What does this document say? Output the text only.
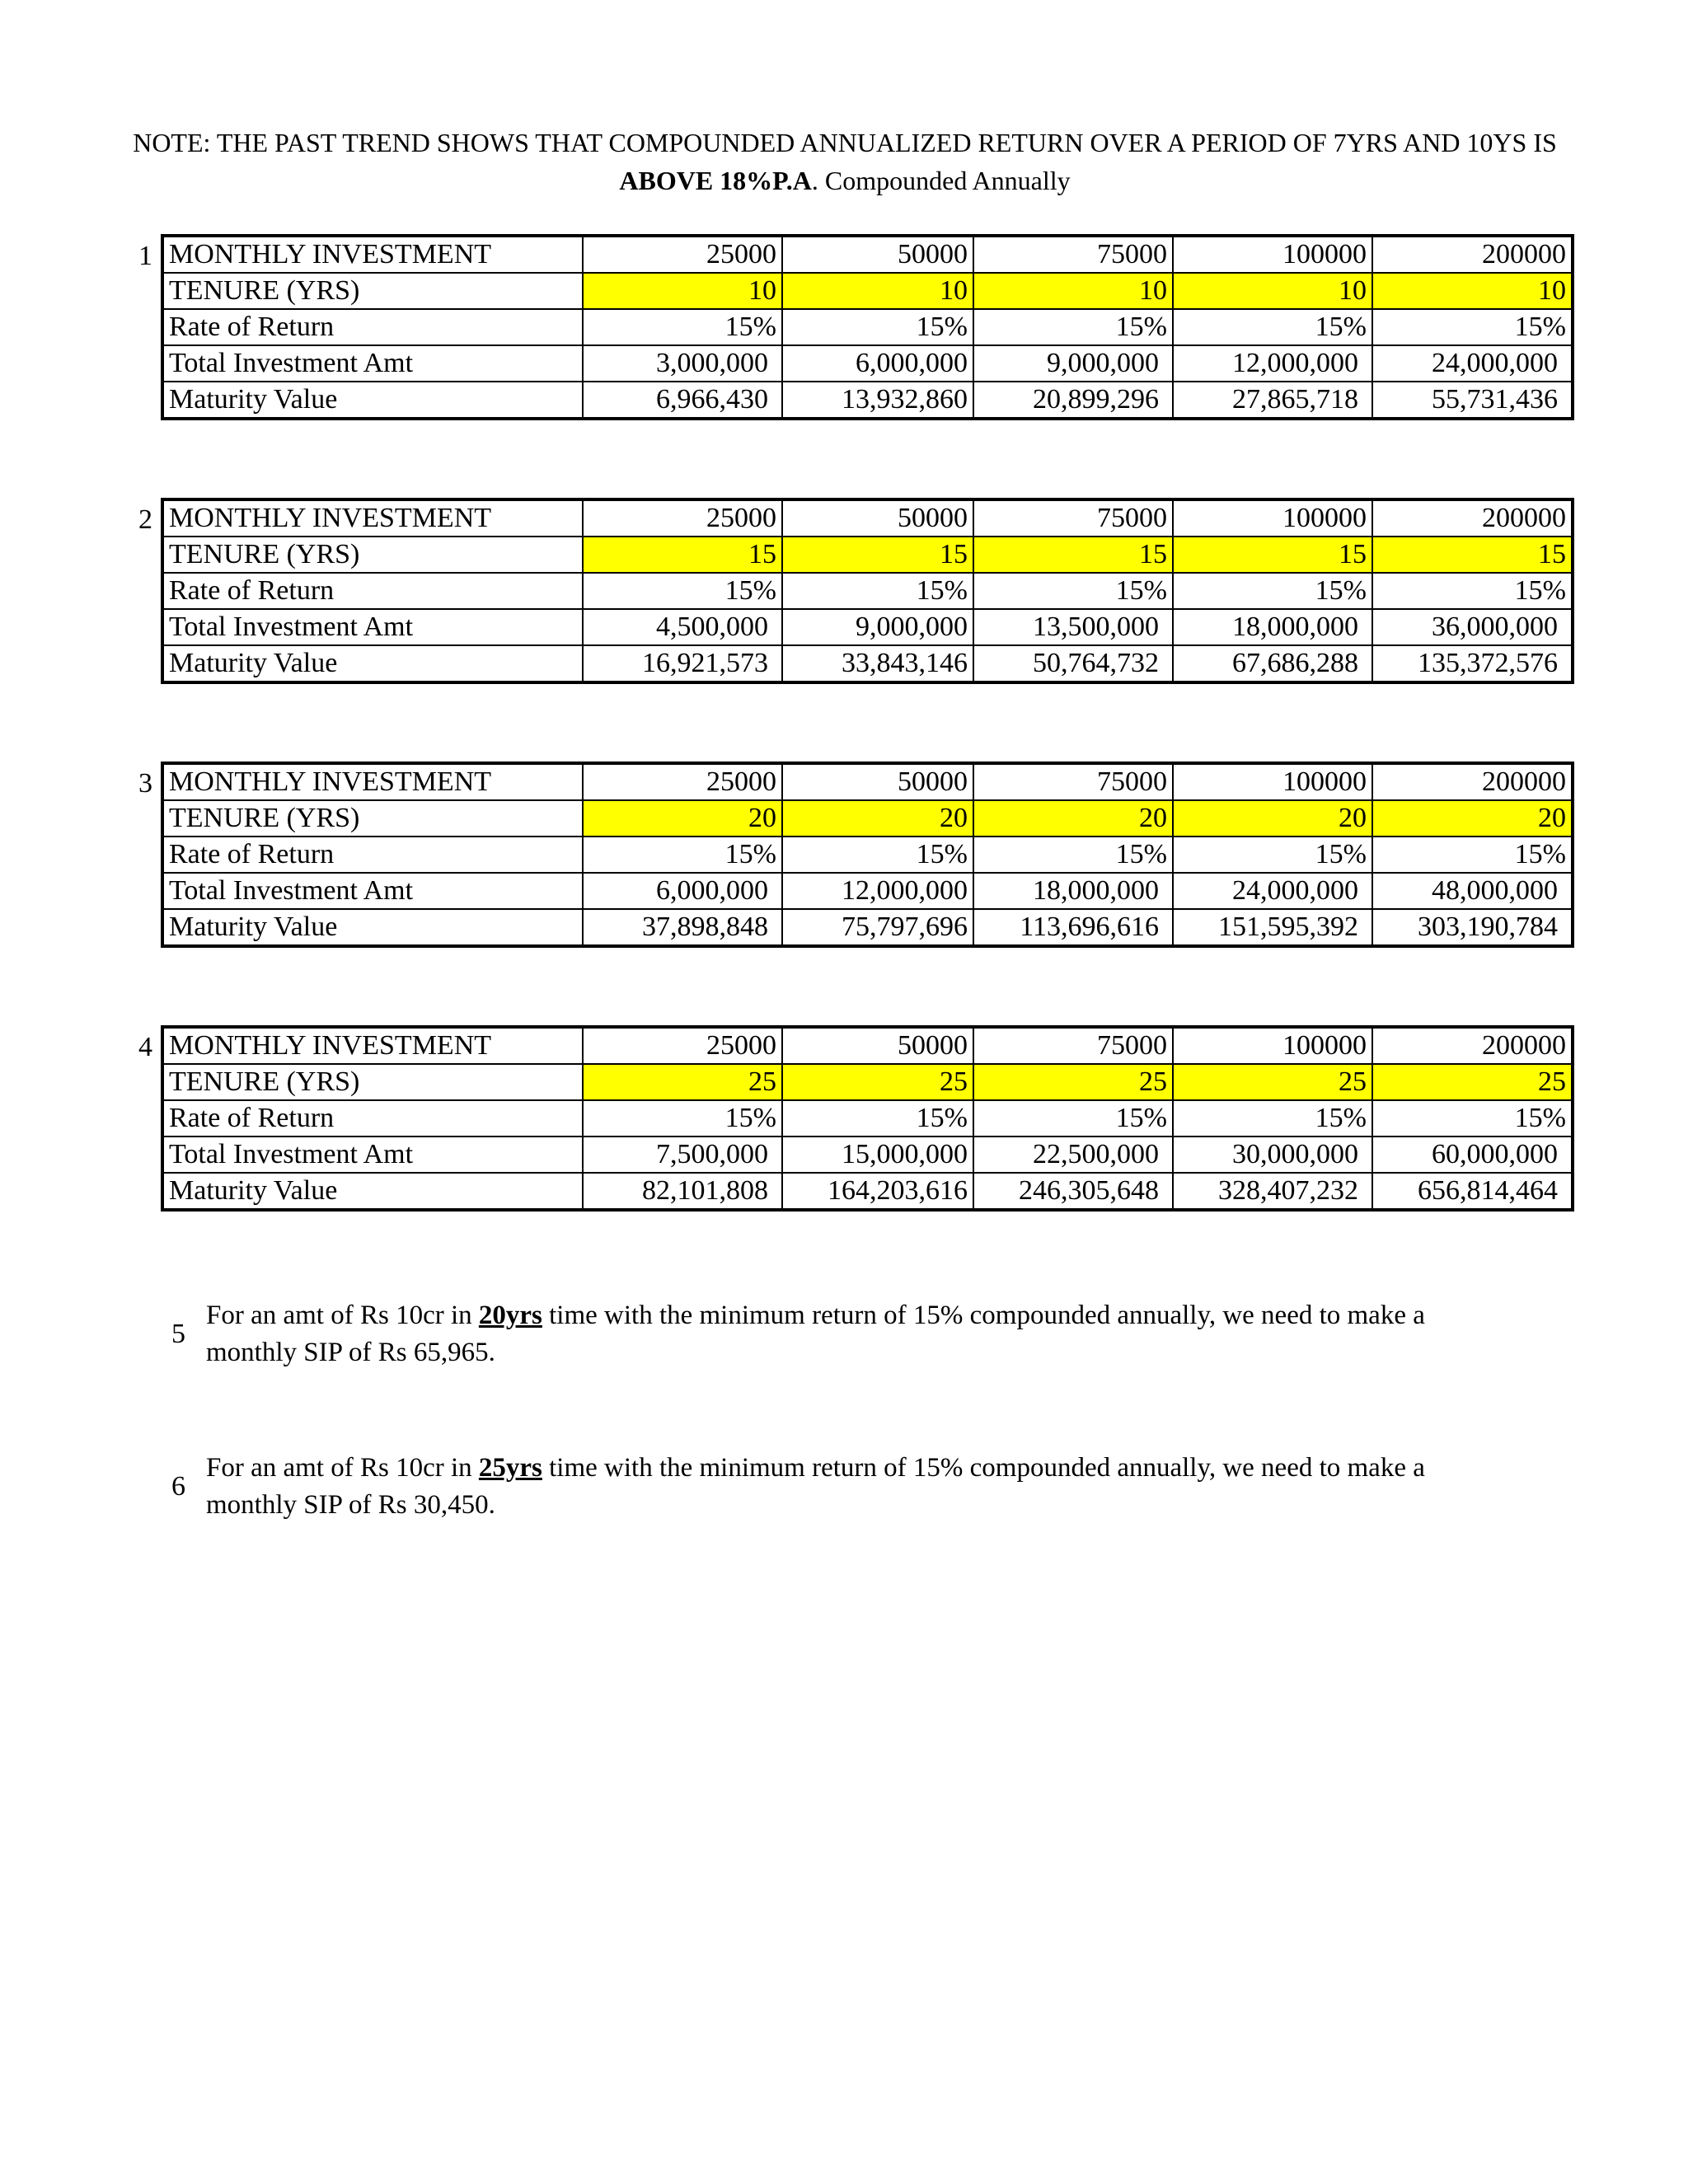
NOTE: THE PAST TREND SHOWS THAT COMPOUNDED ANNUALIZED RETURN OVER A PERIOD OF 7YRS AND 10YS IS ABOVE 18%P.A. Compounded Annually
1 MONTHLY INVESTMENT	25000	50000	75000	100000	200000
TENURE (YRS)	10	10	10	10	10
Rate of Return	15%	15%	15%	15%	15%
Total Investment Amt	3,000,000	6,000,000	9,000,000	12,000,000	24,000,000
Maturity Value	6,966,430	13,932,860	20,899,296	27,865,718	55,731,436
2 MONTHLY INVESTMENT	25000	50000	75000	100000	200000
TENURE (YRS)	15	15	15	15	15
Rate of Return	15%	15%	15%	15%	15%
Total Investment Amt	4,500,000	9,000,000	13,500,000	18,000,000	36,000,000
Maturity Value	16,921,573	33,843,146	50,764,732	67,686,288	135,372,576
3 MONTHLY INVESTMENT	25000	50000	75000	100000	200000
TENURE (YRS)	20	20	20	20	20
Rate of Return	15%	15%	15%	15%	15%
Total Investment Amt	6,000,000	12,000,000	18,000,000	24,000,000	48,000,000
Maturity Value	37,898,848	75,797,696	113,696,616	151,595,392	303,190,784
4 MONTHLY INVESTMENT	25000	50000	75000	100000	200000
TENURE (YRS)	25	25	25	25	25
Rate of Return	15%	15%	15%	15%	15%
Total Investment Amt	7,500,000	15,000,000	22,500,000	30,000,000	60,000,000
Maturity Value	82,101,808	164,203,616	246,305,648	328,407,232	656,814,464
5
For an amt of Rs 10cr in 20yrs time with the minimum return of 15% compounded annually, we need to make a monthly SIP of Rs 65,965.
6
For an amt of Rs 10cr in 25yrs time with the minimum return of 15% compounded annually, we need to make a monthly SIP of Rs 30,450.
